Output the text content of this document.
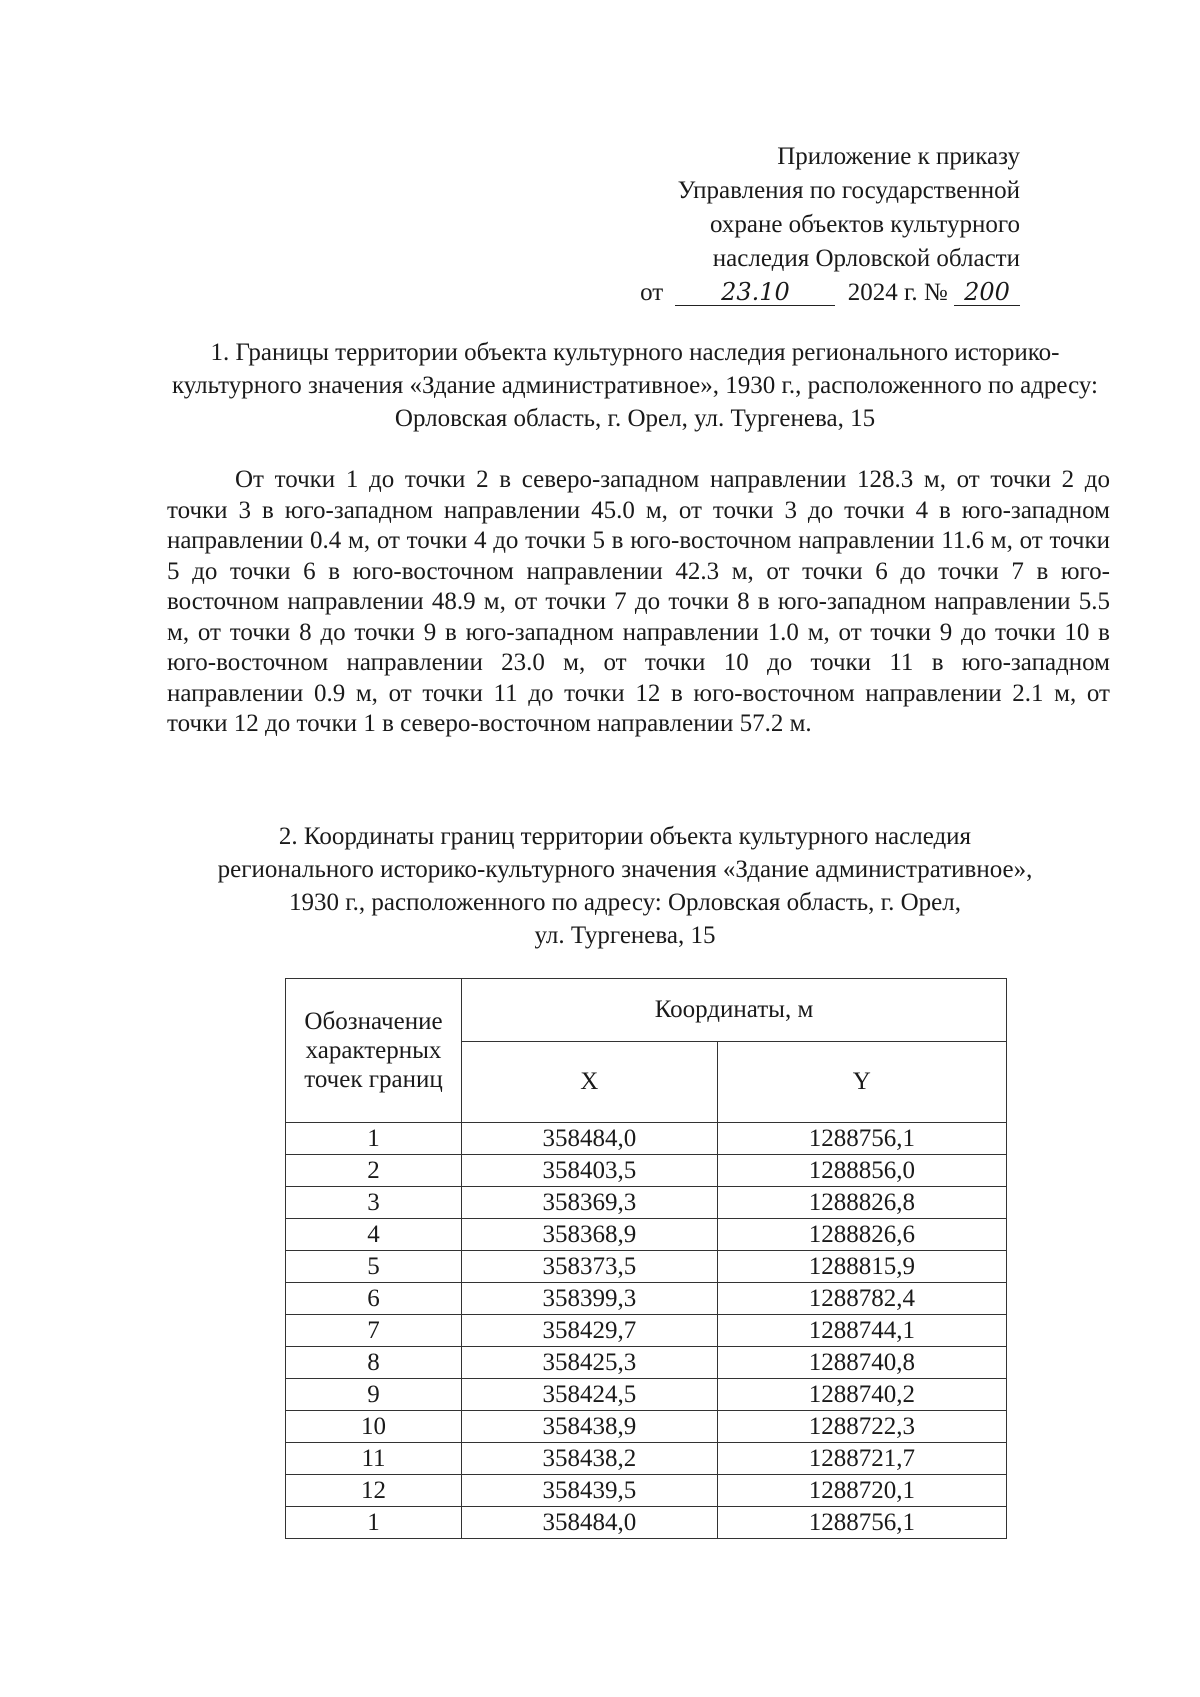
Приложение к приказу
Управления по государственной
охране объектов культурного
наследия Орловской области
от 23.10 2024 г. № 200
1. Границы территории объекта культурного наследия регионального историко-культурного значения «Здание административное», 1930 г., расположенного по адресу: Орловская область, г. Орел, ул. Тургенева, 15
От точки 1 до точки 2 в северо-западном направлении 128.3 м, от точки 2 до точки 3 в юго-западном направлении 45.0 м, от точки 3 до точки 4 в юго-западном направлении 0.4 м, от точки 4 до точки 5 в юго-восточном направлении 11.6 м, от точки 5 до точки 6 в юго-восточном направлении 42.3 м, от точки 6 до точки 7 в юго-восточном направлении 48.9 м, от точки 7 до точки 8 в юго-западном направлении 5.5 м, от точки 8 до точки 9 в юго-западном направлении 1.0 м, от точки 9 до точки 10 в юго-восточном направлении 23.0 м, от точки 10 до точки 11 в юго-западном направлении 0.9 м, от точки 11 до точки 12 в юго-восточном направлении 2.1 м, от точки 12 до точки 1 в северо-восточном направлении 57.2 м.
2. Координаты границ территории объекта культурного наследия
регионального историко-культурного значения «Здание административное»,
1930 г., расположенного по адресу: Орловская область, г. Орел,
ул. Тургенева, 15
Обозначение характерных точек границ	Координаты, м	
	X	Y
1	358484,0	1288756,1
2	358403,5	1288856,0
3	358369,3	1288826,8
4	358368,9	1288826,6
5	358373,5	1288815,9
6	358399,3	1288782,4
7	358429,7	1288744,1
8	358425,3	1288740,8
9	358424,5	1288740,2
10	358438,9	1288722,3
11	358438,2	1288721,7
12	358439,5	1288720,1
1	358484,0	1288756,1
